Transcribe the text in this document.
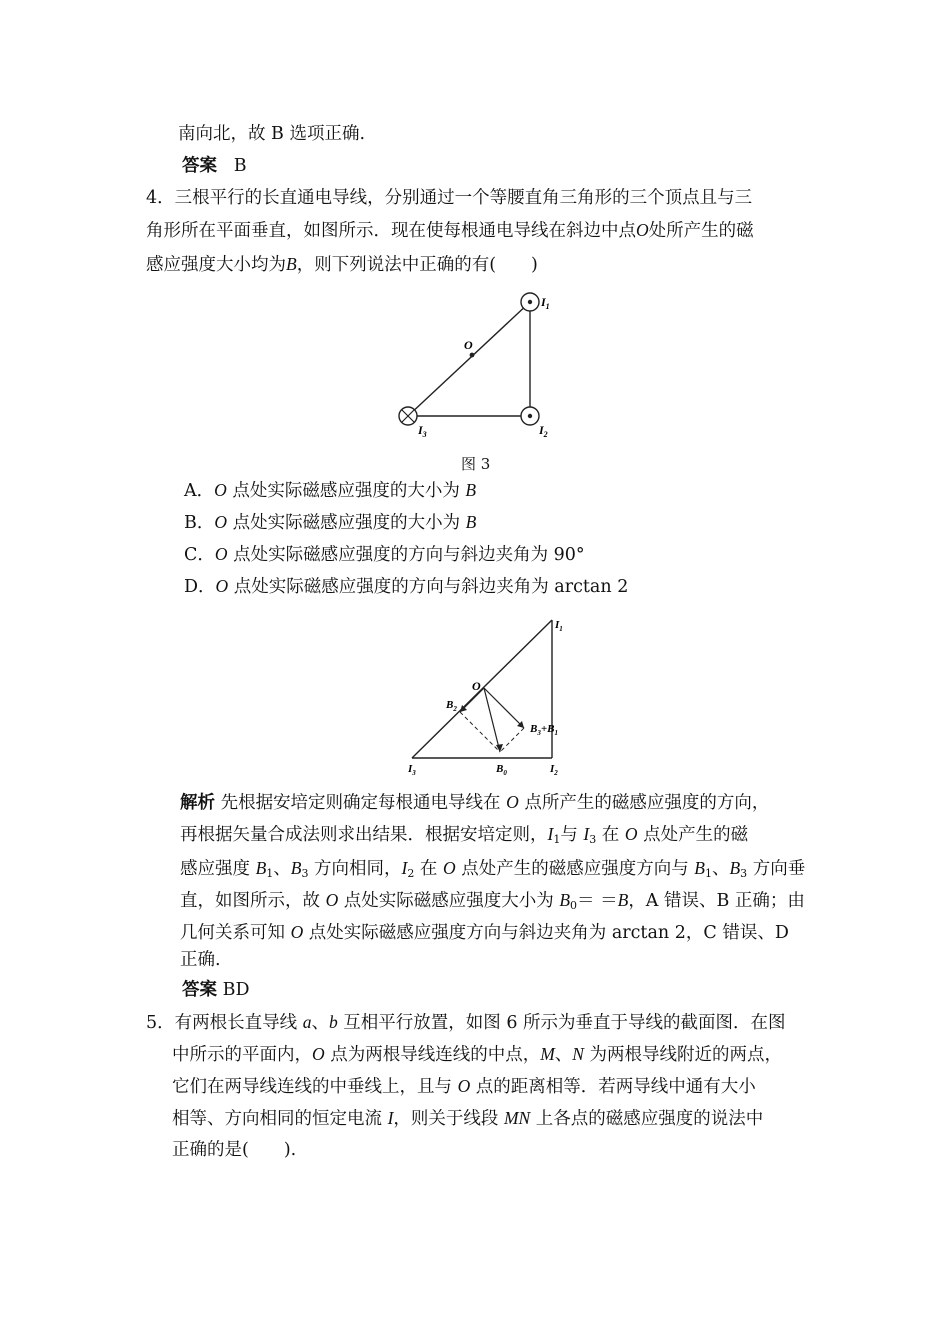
南向北，故 B 选项正确.
答案 B
4．三根平行的长直通电导线，分别通过一个等腰直角三角形的三个顶点且与三
角形所在平面垂直，如图所示．现在使每根通电导线在斜边中点O处所产生的磁
感应强度大小均为B，则下列说法中正确的有(　　)
O
$I_1$
$I_2$
$I_3$
图 3
A．O 点处实际磁感应强度的大小为 B
B．O 点处实际磁感应强度的大小为 B
C．O 点处实际磁感应强度的方向与斜边夹角为 90°
D．O 点处实际磁感应强度的方向与斜边夹角为 arctan 2
O
$B_2$
$B_3+B_1$
$B_0$
$I_1$
$I_2$
$I_3$
解析 先根据安培定则确定每根通电导线在 O 点所产生的磁感应强度的方向，
再根据矢量合成法则求出结果．根据安培定则，$I_1$与 $I_3$ 在 O 点处产生的磁
感应强度 $B_1$、$B_3$ 方向相同，$I_2$ 在 O 点处产生的磁感应强度方向与 $B_1$、$B_3$ 方向垂
直，如图所示，故 O 点处实际磁感应强度大小为 $B_0= =B$，A 错误、B 正确；由
几何关系可知 O 点处实际磁感应强度方向与斜边夹角为 arctan 2，C 错误、D
正确.
答案 BD
5．有两根长直导线 a、b 互相平行放置，如图 6 所示为垂直于导线的截面图．在图
中所示的平面内，O 点为两根导线连线的中点，M、N 为两根导线附近的两点，
它们在两导线连线的中垂线上，且与 O 点的距离相等．若两导线中通有大小
相等、方向相同的恒定电流 I，则关于线段 MN 上各点的磁感应强度的说法中
正确的是(　　).
